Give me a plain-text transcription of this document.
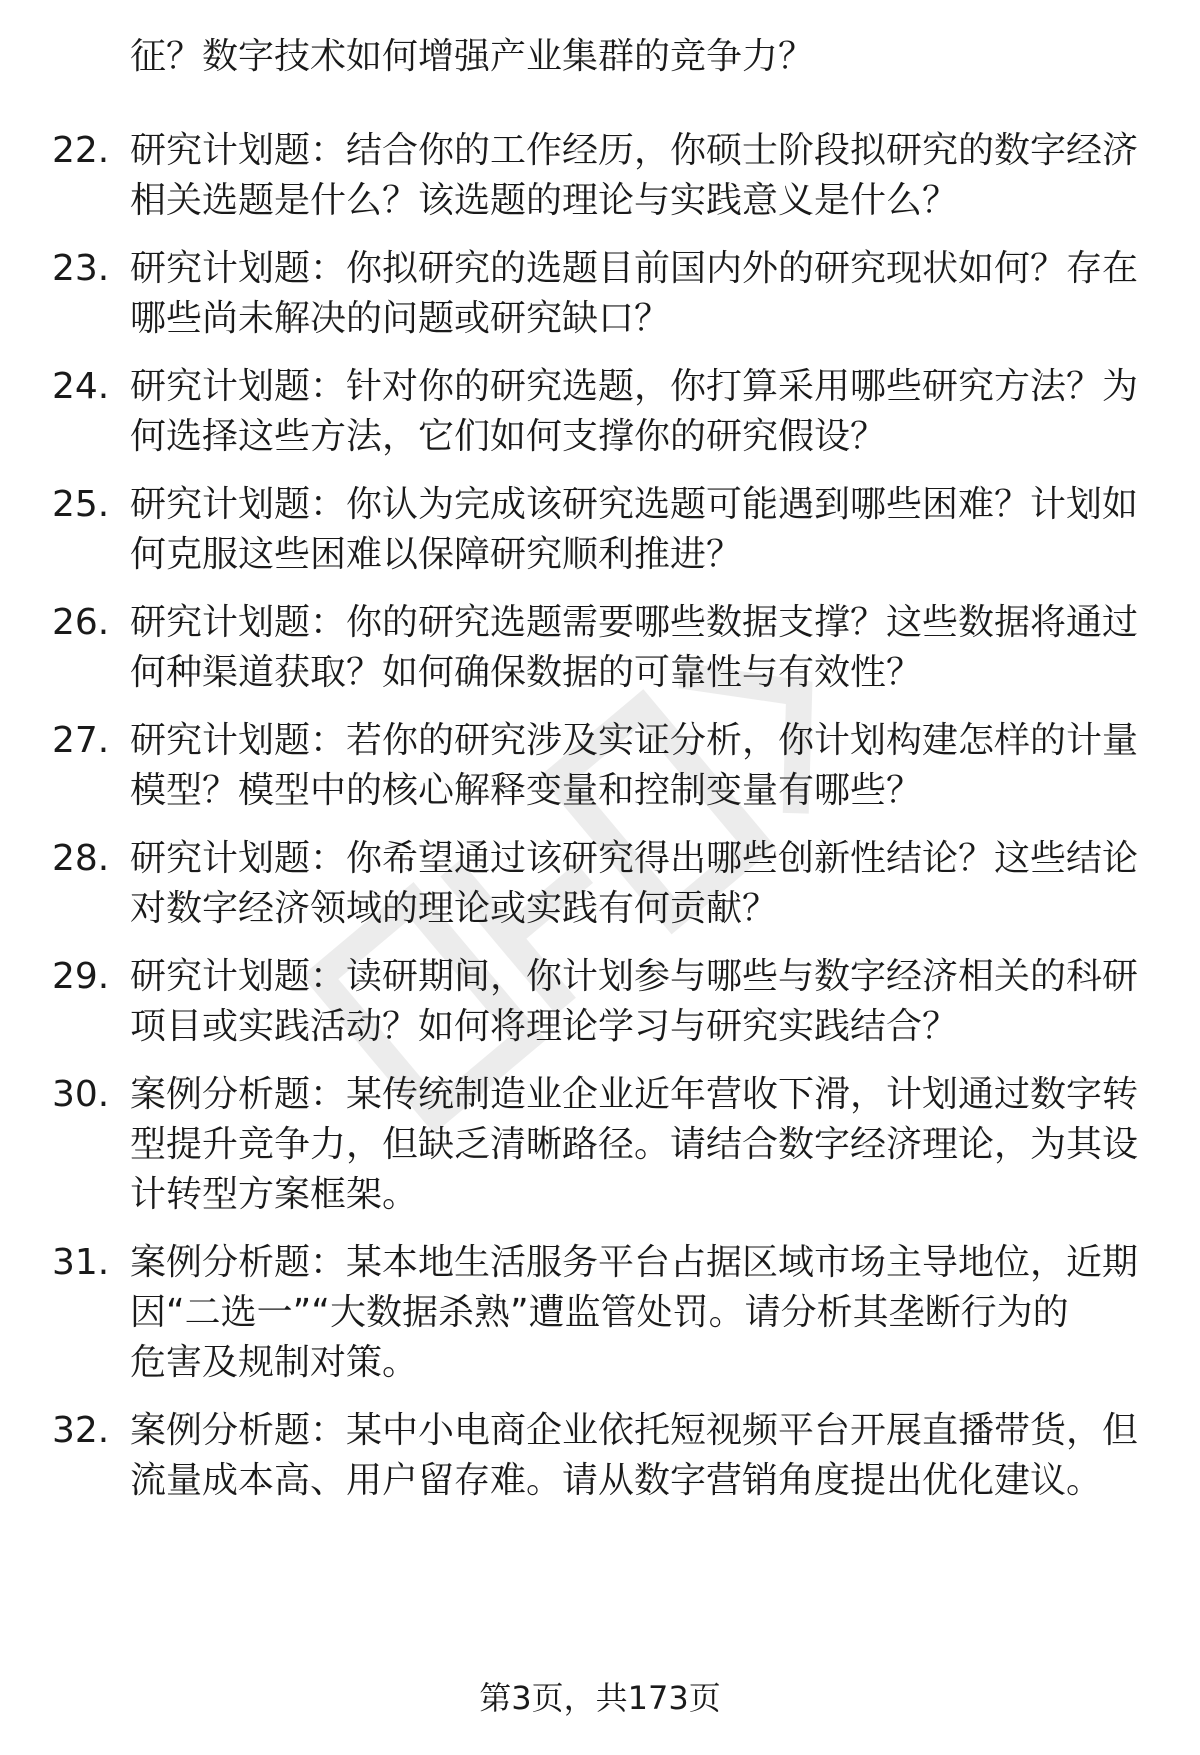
征？数字技术如何增强产业集群的竞争力？
22. 研究计划题：结合你的工作经历，你硕士阶段拟研究的数字经济
相关选题是什么？该选题的理论与实践意义是什么？
23. 研究计划题：你拟研究的选题目前国内外的研究现状如何？存在
哪些尚未解决的问题或研究缺口？
24. 研究计划题：针对你的研究选题，你打算采用哪些研究方法？为
何选择这些方法，它们如何支撑你的研究假设？
25. 研究计划题：你认为完成该研究选题可能遇到哪些困难？计划如
何克服这些困难以保障研究顺利推进？
26. 研究计划题：你的研究选题需要哪些数据支撑？这些数据将通过
何种渠道获取？如何确保数据的可靠性与有效性？
27. 研究计划题：若你的研究涉及实证分析，你计划构建怎样的计量
模型？模型中的核心解释变量和控制变量有哪些？
28. 研究计划题：你希望通过该研究得出哪些创新性结论？这些结论
对数字经济领域的理论或实践有何贡献？
29. 研究计划题：读研期间，你计划参与哪些与数字经济相关的科研
项目或实践活动？如何将理论学习与研究实践结合？
30. 案例分析题：某传统制造业企业近年营收下滑，计划通过数字转
型提升竞争力，但缺乏清晰路径。请结合数字经济理论，为其设
计转型方案框架。
31. 案例分析题：某本地生活服务平台占据区域市场主导地位，近期
因“二选一”“大数据杀熟”遭监管处罚。请分析其垄断行为的
危害及规制对策。
32. 案例分析题：某中小电商企业依托短视频平台开展直播带货，但
流量成本高、用户留存难。请从数字营销角度提出优化建议。
第3页，共173页
